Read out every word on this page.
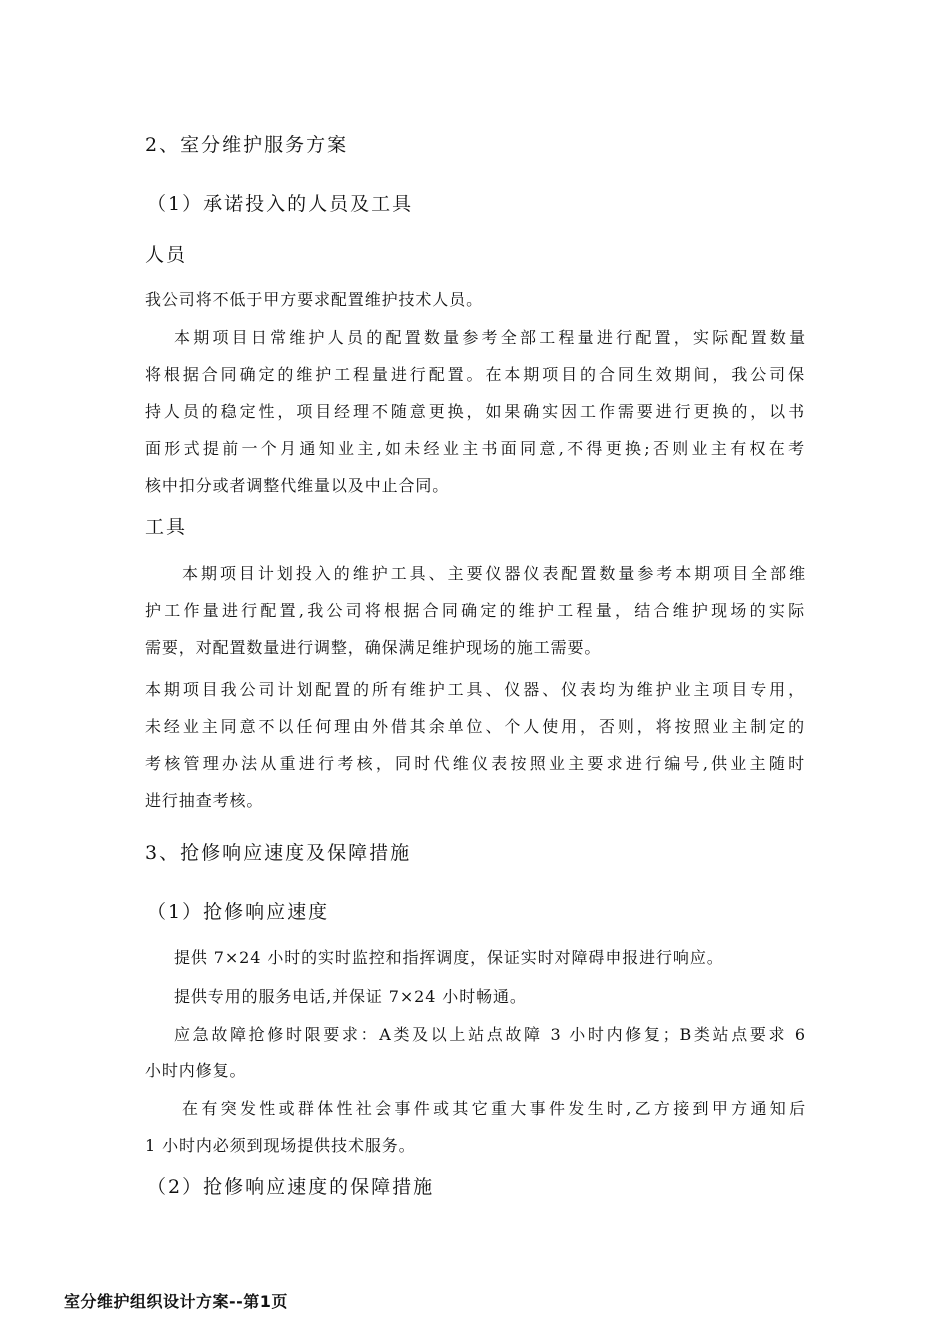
2、室分维护服务方案
（1）承诺投入的人员及工具
人员
我公司将不低于甲方要求配置维护技术人员。
本期项目日常维护人员的配置数量参考全部工程量进行配置，实际配置数量
将根据合同确定的维护工程量进行配置。在本期项目的合同生效期间，我公司保
持人员的稳定性，项目经理不随意更换，如果确实因工作需要进行更换的，以书
面形式提前一个月通知业主,如未经业主书面同意,不得更换;否则业主有权在考
核中扣分或者调整代维量以及中止合同。
工具
本期项目计划投入的维护工具、主要仪器仪表配置数量参考本期项目全部维
护工作量进行配置,我公司将根据合同确定的维护工程量，结合维护现场的实际
需要，对配置数量进行调整，确保满足维护现场的施工需要。
本期项目我公司计划配置的所有维护工具、仪器、仪表均为维护业主项目专用，
未经业主同意不以任何理由外借其余单位、个人使用，否则，将按照业主制定的
考核管理办法从重进行考核，同时代维仪表按照业主要求进行编号,供业主随时
进行抽查考核。
3、抢修响应速度及保障措施
（1）抢修响应速度
提供 7×24 小时的实时监控和指挥调度，保证实时对障碍申报进行响应。
提供专用的服务电话,并保证 7×24 小时畅通。
应急故障抢修时限要求：A类及以上站点故障 3 小时内修复；B类站点要求 6
小时内修复。
在有突发性或群体性社会事件或其它重大事件发生时,乙方接到甲方通知后
1 小时内必须到现场提供技术服务。
（2）抢修响应速度的保障措施
室分维护组织设计方案--第1页
